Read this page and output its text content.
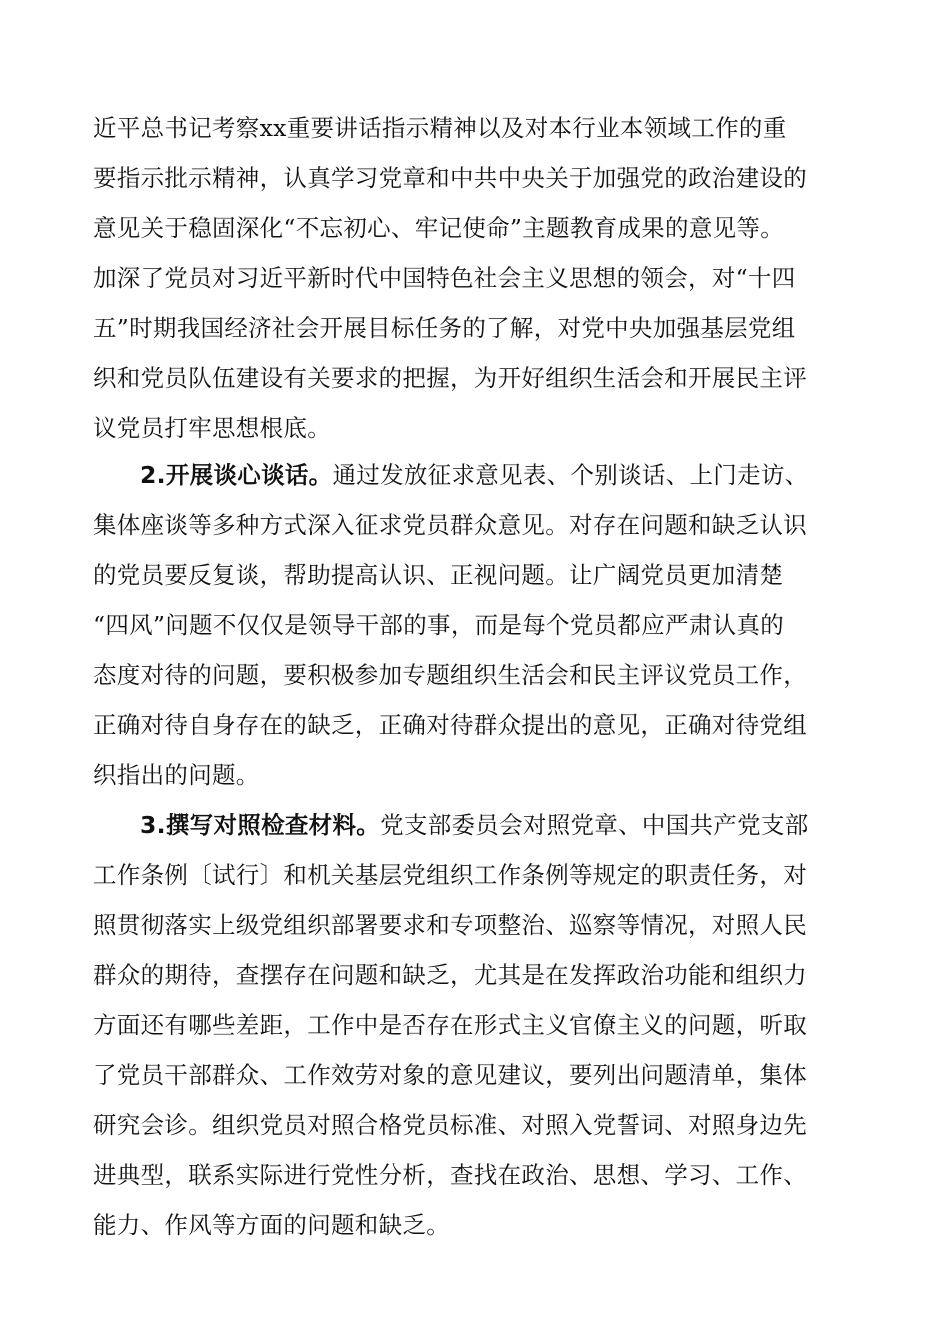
近平总书记考察xx重要讲话指示精神以及对本行业本领域工作的重
要指示批示精神，认真学习党章和中共中央关于加强党的政治建设的
意见关于稳固深化“不忘初心、牢记使命”主题教育成果的意见等。
加深了党员对习近平新时代中国特色社会主义思想的领会，对“十四
五”时期我国经济社会开展目标任务的了解，对党中央加强基层党组
织和党员队伍建设有关要求的把握，为开好组织生活会和开展民主评
议党员打牢思想根底。
2.开展谈心谈话。通过发放征求意见表、个别谈话、上门走访、
集体座谈等多种方式深入征求党员群众意见。对存在问题和缺乏认识
的党员要反复谈，帮助提高认识、正视问题。让广阔党员更加清楚
“四风”问题不仅仅是领导干部的事，而是每个党员都应严肃认真的
态度对待的问题，要积极参加专题组织生活会和民主评议党员工作，
正确对待自身存在的缺乏，正确对待群众提出的意见，正确对待党组
织指出的问题。
3.撰写对照检查材料。党支部委员会对照党章、中国共产党支部
工作条例〔试行〕和机关基层党组织工作条例等规定的职责任务，对
照贯彻落实上级党组织部署要求和专项整治、巡察等情况，对照人民
群众的期待，查摆存在问题和缺乏，尤其是在发挥政治功能和组织力
方面还有哪些差距，工作中是否存在形式主义官僚主义的问题，听取
了党员干部群众、工作效劳对象的意见建议，要列出问题清单，集体
研究会诊。组织党员对照合格党员标准、对照入党誓词、对照身边先
进典型，联系实际进行党性分析，查找在政治、思想、学习、工作、
能力、作风等方面的问题和缺乏。
